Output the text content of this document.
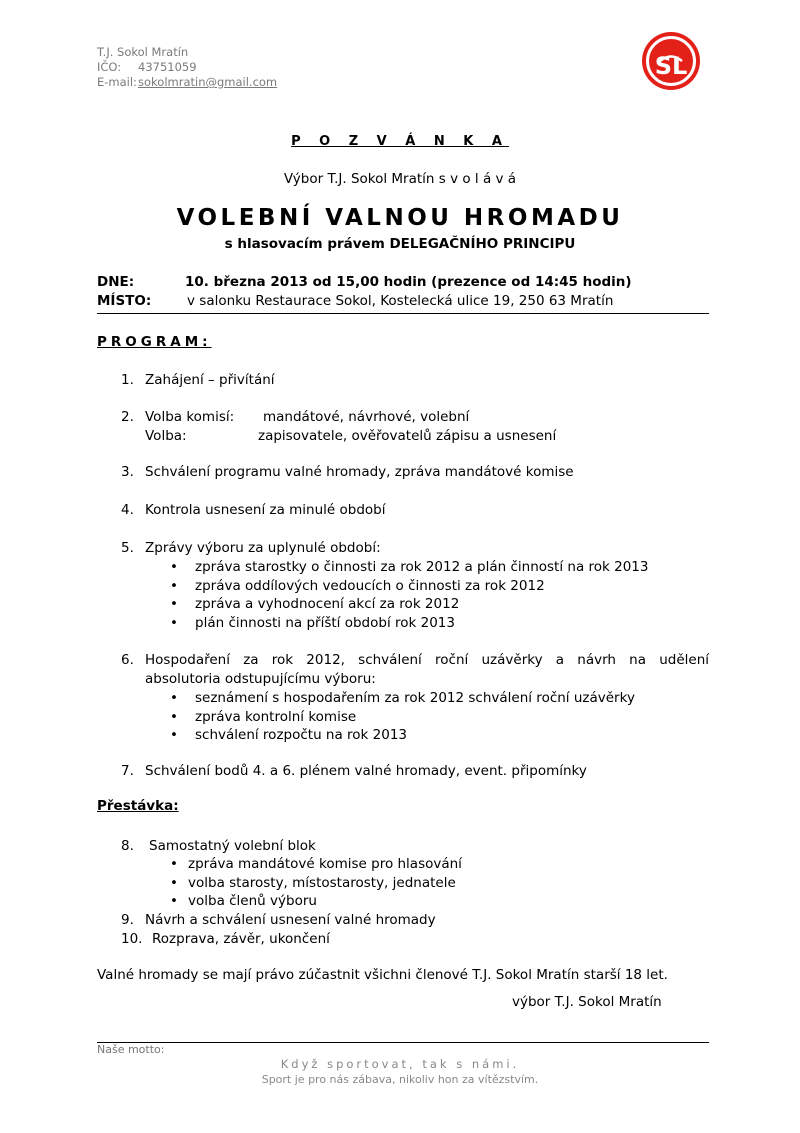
T.J. Sokol Mratín
IČO: 43751059
E-mail:sokolmratin@gmail.com
SL
P O Z V Á N K A
Výbor T.J. Sokol Mratín s v o l á v á
VOLEBNÍ VALNOU HROMADU
s hlasovacím právem DELEGAČNÍHO PRINCIPU
DNE:	10. března 2013 od 15,00 hodin (prezence od 14:45 hodin)
MÍSTO:	v salonku Restaurace Sokol, Kostelecká ulice 19, 250 63 Mratín
PROGRAM:
1. Zahájení – přivítání
2. Volba komisí: mandátové, návrhové, volební
Volba:	zapisovatele, ověřovatelů zápisu a usnesení
3. Schválení programu valné hromady, zpráva mandátové komise
4. Kontrola usnesení za minulé období
5. Zprávy výboru za uplynulé období:
• zpráva starostky o činnosti za rok 2012 a plán činností na rok 2013
• zpráva oddílových vedoucích o činnosti za rok 2012
• zpráva a vyhodnocení akcí za rok 2012
• plán činnosti na příští období rok 2013
6. Hospodaření za rok 2012, schválení roční uzávěrky a návrh na udělení
absolutoria odstupujícímu výboru:
• seznámení s hospodařením za rok 2012 schválení roční uzávěrky
• zpráva kontrolní komise
• schválení rozpočtu na rok 2013
7. Schválení bodů 4. a 6. plénem valné hromady, event. připomínky
Přestávka:
8. Samostatný volební blok
• zpráva mandátové komise pro hlasování
• volba starosty, místostarosty, jednatele
• volba členů výboru
9. Návrh a schválení usnesení valné hromady
10. Rozprava, závěr, ukončení
Valné hromady se mají právo zúčastnit všichni členové T.J. Sokol Mratín starší 18 let.
výbor T.J. Sokol Mratín
Naše motto:
Když sportovat, tak s námi.
Sport je pro nás zábava, nikoliv hon za vítězstvím.
